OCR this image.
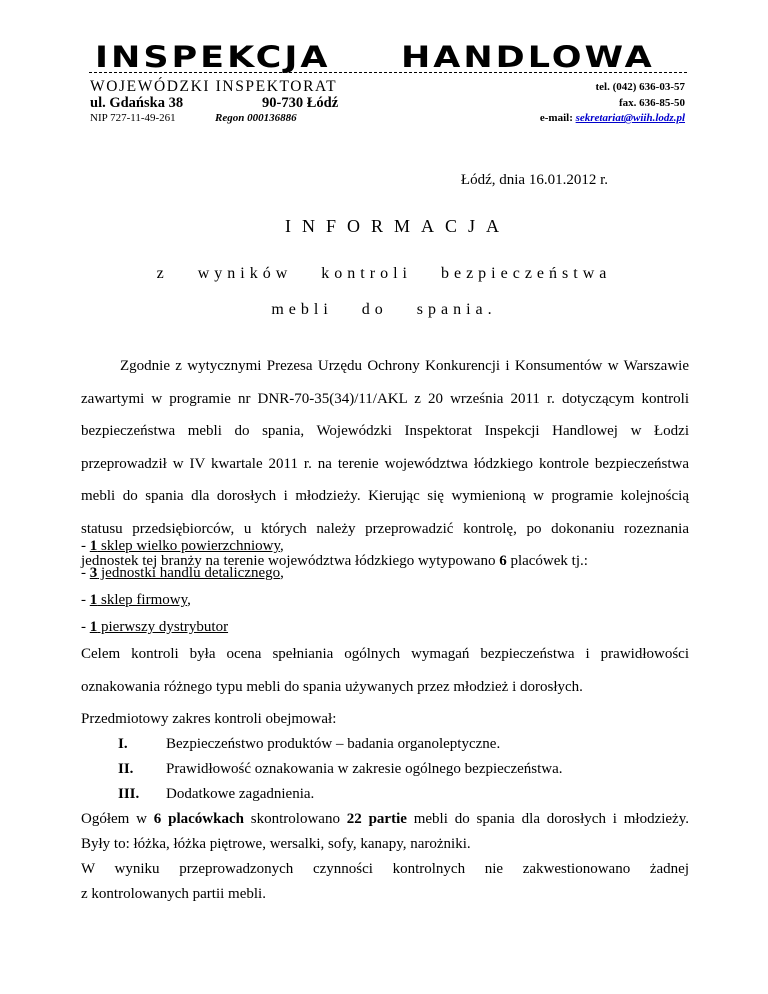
INSPEKCJA HANDLOWA
WOJEWÓDZKI INSPEKTORAT
ul. Gdańska 38	90-730 Łódź
NIP 727-11-49-261	Regon 000136886
tel. (042) 636-03-57
fax. 636-85-50
e-mail: sekretariat@wiih.lodz.pl
Łódź, dnia 16.01.2012 r.
INFORMACJA
z wyników kontroli bezpieczeństwa
mebli do spania.
Zgodnie z wytycznymi Prezesa Urzędu Ochrony Konkurencji i Konsumentów w Warszawie zawartymi w programie nr DNR-70-35(34)/11/AKL z 20 września 2011 r. dotyczącym kontroli bezpieczeństwa mebli do spania, Wojewódzki Inspektorat Inspekcji Handlowej w Łodzi przeprowadził w IV kwartale 2011 r. na terenie województwa łódzkiego kontrole bezpieczeństwa mebli do spania dla dorosłych i młodzieży. Kierując się wymienioną w programie kolejnością statusu przedsiębiorców, u których należy przeprowadzić kontrolę, po dokonaniu rozeznania jednostek tej branży na terenie województwa łódzkiego wytypowano 6 placówek tj.:
- 1 sklep wielko powierzchniowy,
- 3 jednostki handlu detalicznego,
- 1 sklep firmowy,
- 1 pierwszy dystrybutor
Celem kontroli była ocena spełniania ogólnych wymagań bezpieczeństwa i prawidłowości
oznakowania różnego typu mebli do spania używanych przez młodzież i dorosłych.
Przedmiotowy zakres kontroli obejmował:
I.	Bezpieczeństwo produktów – badania organoleptyczne.
II. Prawidłowość oznakowania w zakresie ogólnego bezpieczeństwa.
III. Dodatkowe zagadnienia.
Ogółem w 6 placówkach skontrolowano 22 partie mebli do spania dla dorosłych i młodzieży.
Były to: łóżka, łóżka piętrowe, wersalki, sofy, kanapy, narożniki.
W wyniku przeprowadzonych czynności kontrolnych nie zakwestionowano żadnej
z kontrolowanych partii mebli.
